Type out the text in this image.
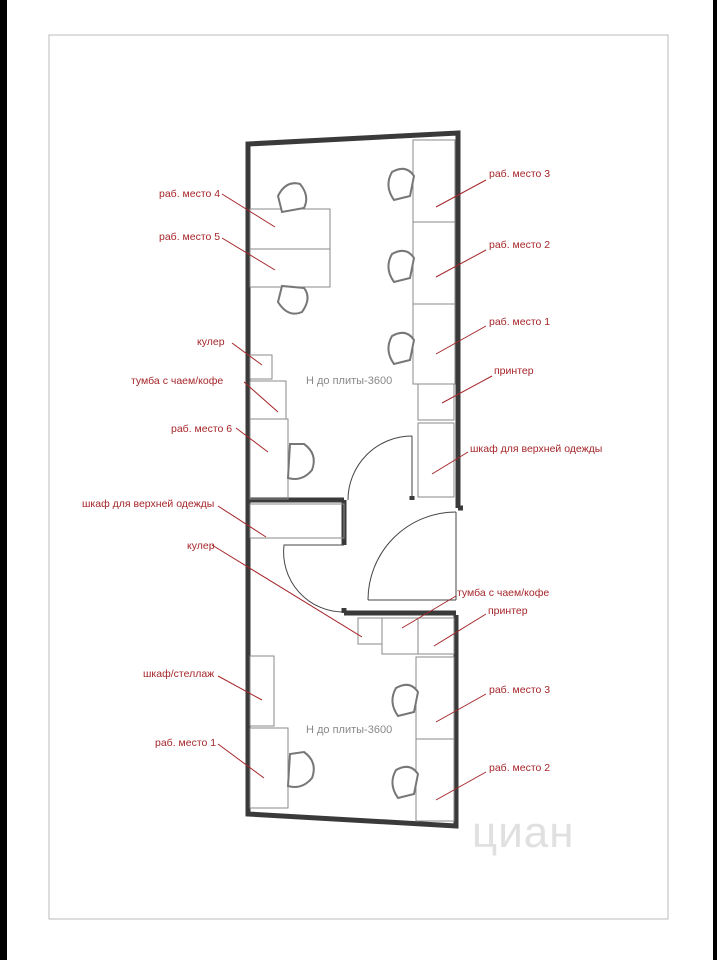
раб. место 4
раб. место 5
кулер
тумба с чаем/кофе
раб. место 6
раб. место 3
раб. место 2
раб. место 1
принтер
шкаф для верхней одежды
Н до плиты-3600
шкаф для верхней одежды
кулер
тумба с чаем/кофе
принтер
шкаф/стеллаж
раб. место 1
раб. место 3
раб. место 2
Н до плиты-3600
циан
